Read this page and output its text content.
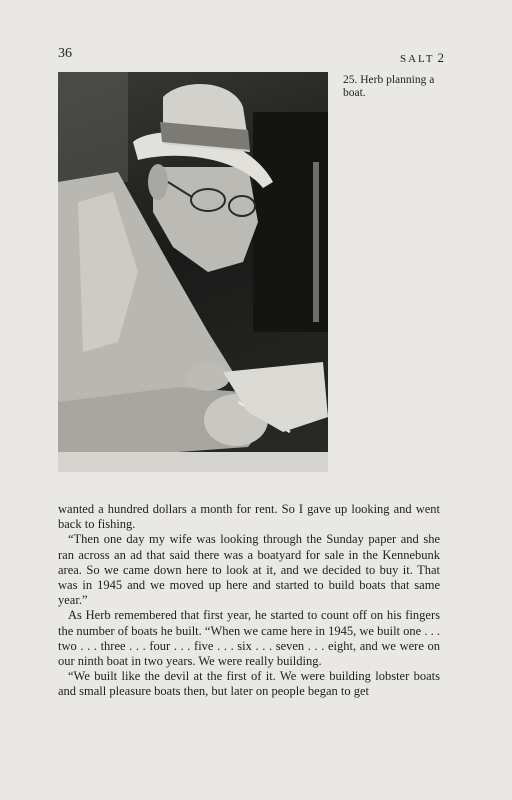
36	SALT 2
25. Herb planning a boat.

wanted a hundred dollars a month for rent. So I gave up looking and went back to fishing.

“Then one day my wife was looking through the Sunday paper and she ran across an ad that said there was a boatyard for sale in the Kennebunk area. So we came down here to look at it, and we decided to buy it. That was in 1945 and we moved up here and started to build boats that same year.”

As Herb remembered that first year, he started to count off on his fingers the number of boats he built. “When we came here in 1945, we built one . . . two . . . three . . . four . . . five . . . six . . . seven . . . eight, and we were on our ninth boat in two years. We were really building.

“We built like the devil at the first of it. We were building lobster boats and small pleasure boats then, but later on people began to get
